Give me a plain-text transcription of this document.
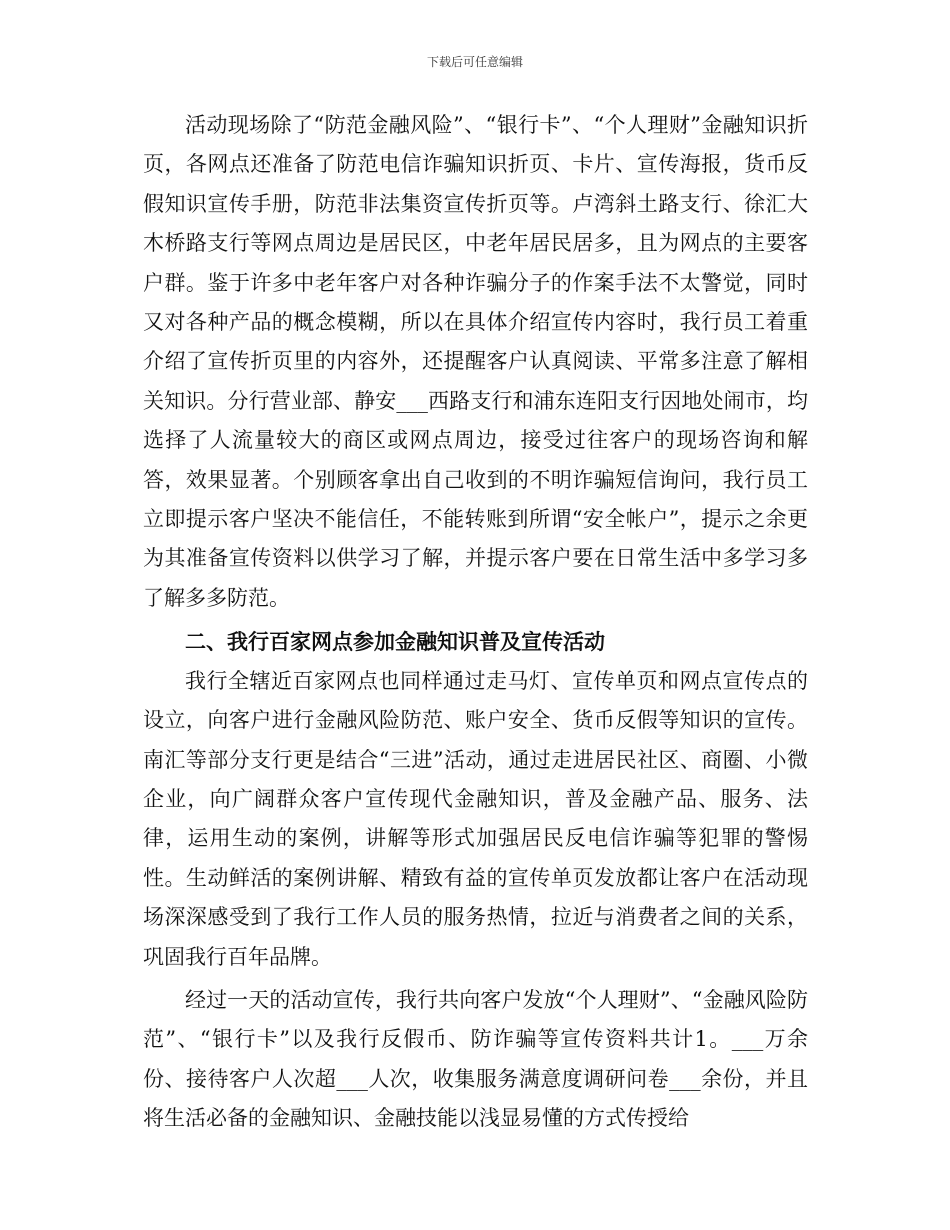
下载后可任意编辑

活动现场除了“防范金融风险”、“银行卡”、“个人理财”金融知识折页，各网点还准备了防范电信诈骗知识折页、卡片、宣传海报，货币反假知识宣传手册，防范非法集资宣传折页等。卢湾斜土路支行、徐汇大木桥路支行等网点周边是居民区，中老年居民居多，且为网点的主要客户群。鉴于许多中老年客户对各种诈骗分子的作案手法不太警觉，同时又对各种产品的概念模糊，所以在具体介绍宣传内容时，我行员工着重介绍了宣传折页里的内容外，还提醒客户认真阅读、平常多注意了解相关知识。分行营业部、静安___西路支行和浦东连阳支行因地处闹市，均选择了人流量较大的商区或网点周边，接受过往客户的现场咨询和解答，效果显著。个别顾客拿出自己收到的不明诈骗短信询问，我行员工立即提示客户坚决不能信任，不能转账到所谓“安全帐户”，提示之余更为其准备宣传资料以供学习了解，并提示客户要在日常生活中多学习多了解多多防范。

二、我行百家网点参加金融知识普及宣传活动

我行全辖近百家网点也同样通过走马灯、宣传单页和网点宣传点的设立，向客户进行金融风险防范、账户安全、货币反假等知识的宣传。南汇等部分支行更是结合“三进”活动，通过走进居民社区、商圈、小微企业，向广阔群众客户宣传现代金融知识，普及金融产品、服务、法律，运用生动的案例，讲解等形式加强居民反电信诈骗等犯罪的警惕性。生动鲜活的案例讲解、精致有益的宣传单页发放都让客户在活动现场深深感受到了我行工作人员的服务热情，拉近与消费者之间的关系，巩固我行百年品牌。

经过一天的活动宣传，我行共向客户发放“个人理财”、“金融风险防范”、“银行卡”以及我行反假币、防诈骗等宣传资料共计1。___万余份、接待客户人次超___人次，收集服务满意度调研问卷___余份，并且将生活必备的金融知识、金融技能以浅显易懂的方式传授给
